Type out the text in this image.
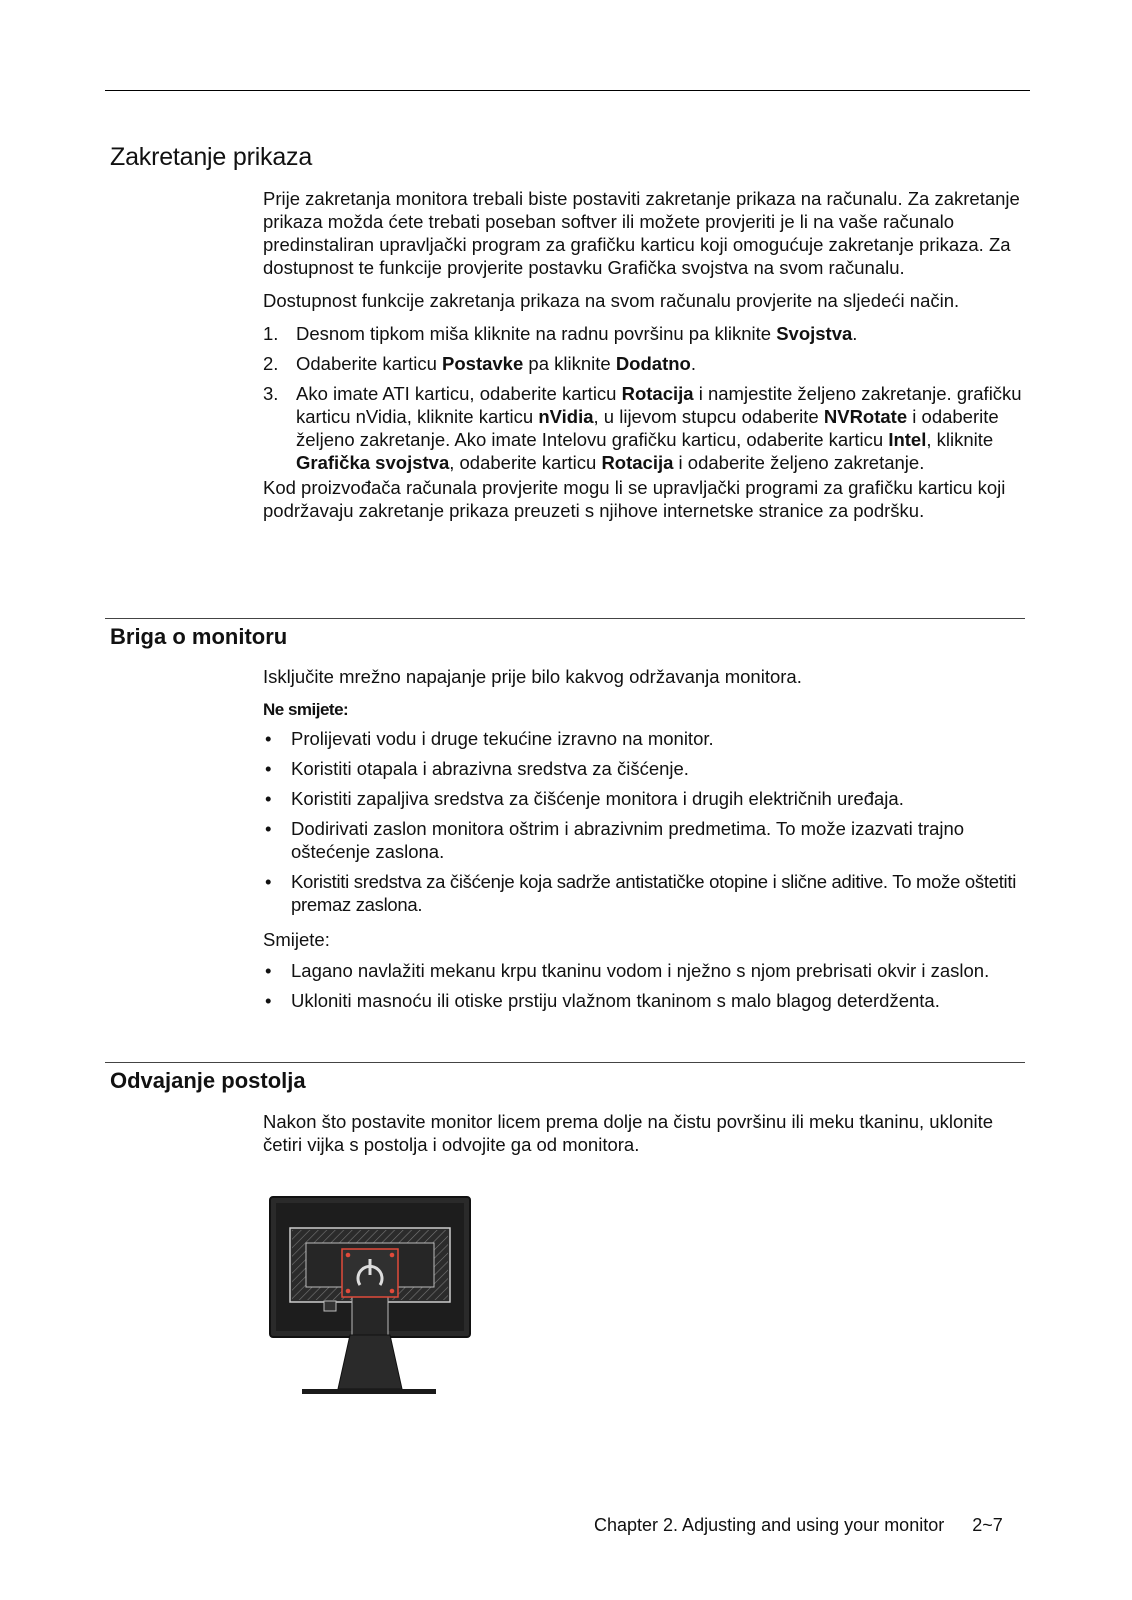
Zakretanje prikaza

Prije zakretanja monitora trebali biste postaviti zakretanje prikaza na računalu. Za zakretanje prikaza možda ćete trebati poseban softver ili možete provjeriti je li na vaše računalo predinstaliran upravljački program za grafičku karticu koji omogućuje zakretanje prikaza. Za dostupnost te funkcije provjerite postavku Grafička svojstva na svom računalu.

Dostupnost funkcije zakretanja prikaza na svom računalu provjerite na sljedeći način.

1. Desnom tipkom miša kliknite na radnu površinu pa kliknite Svojstva.
2. Odaberite karticu Postavke pa kliknite Dodatno.
3. Ako imate ATI karticu, odaberite karticu Rotacija i namjestite željeno zakretanje. grafičku karticu nVidia, kliknite karticu nVidia, u lijevom stupcu odaberite NVRotate i odaberite željeno zakretanje. Ako imate Intelovu grafičku karticu, odaberite karticu Intel, kliknite Grafička svojstva, odaberite karticu Rotacija i odaberite željeno zakretanje.

Kod proizvođača računala provjerite mogu li se upravljački programi za grafičku karticu koji podržavaju zakretanje prikaza preuzeti s njihove internetske stranice za podršku.

Briga o monitoru

Isključite mrežno napajanje prije bilo kakvog održavanja monitora.

Ne smijete:

• Prolijevati vodu i druge tekućine izravno na monitor.
• Koristiti otapala i abrazivna sredstva za čišćenje.
• Koristiti zapaljiva sredstva za čišćenje monitora i drugih električnih uređaja.
• Dodirivati zaslon monitora oštrim i abrazivnim predmetima. To može izazvati trajno oštećenje zaslona.
• Koristiti sredstva za čišćenje koja sadrže antistatičke otopine i slične aditive. To može oštetiti premaz zaslona.

Smijete:

• Lagano navlažiti mekanu krpu tkaninu vodom i nježno s njom prebrisati okvir i zaslon.
• Ukloniti masnoću ili otiske prstiju vlažnom tkaninom s malo blagog deterdženta.
Odvajanje postolja

Nakon što postavite monitor licem prema dolje na čistu površinu ili meku tkaninu, uklonite četiri vijka s postolja i odvojite ga od monitora.

Chapter 2. Adjusting and using your monitor 2~7
